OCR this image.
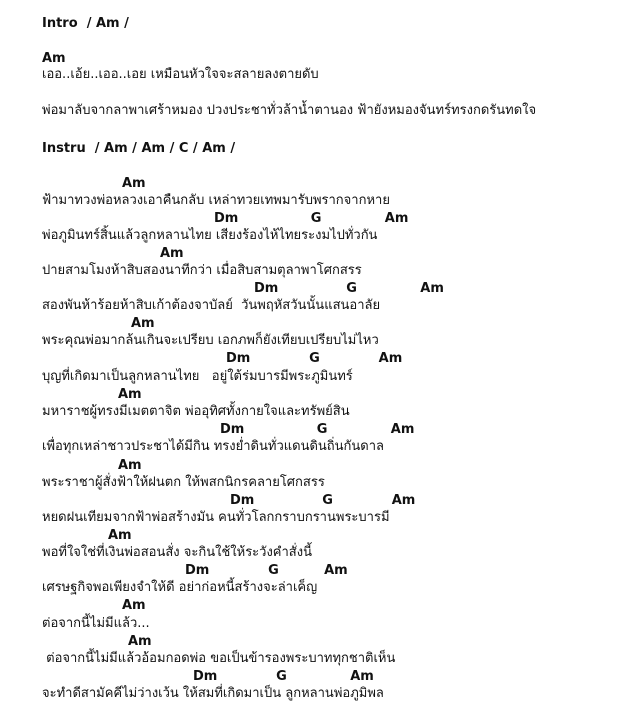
Intro  / Am /
Am
เออ..เอ้ย..เออ..เอย เหมือนหัวใจจะสลายลงตายดับ
พ่อมาลับจากลาพาเศร้าหมอง ปวงประชาทั่วล้าน้ำตานอง ฟ้ายังหมองจันทร์ทรงกดรันทดใจ
Instru  / Am / Am / C / Am /
Am
ฟ้ามาทวงพ่อหลวงเอาคืนกลับ เหล่าทวยเทพมารับพรากจากหาย
Dm                G              Am
พ่อภูมินทร์สิ้นแล้วลูกหลานไทย เสียงร้องไห้ไทยระงมไปทั่วกัน
Am
ปายสามโมงห้าสิบสองนาทีกว่า เมื่อสิบสามตุลาพาโศกสรร
Dm               G              Am
สองพันห้าร้อยห้าสิบเก้าต้องจาบัลย์  วันพฤหัสวันนั้นแสนอาลัย
Am
พระคุณพ่อมากล้นเกินจะเปรียบ เอกภพก็ยังเทียบเปรียบไม่ไหว
Dm             G             Am
บุญที่เกิดมาเป็นลูกหลานไทย   อยู่ใต้ร่มบารมีพระภูมินทร์
Am
มหาราชผู้ทรงมีเมตตาจิต พ่ออุทิศทั้งกายใจและทรัพย์สิน
Dm                G              Am
เพื่อทุกเหล่าชาวประชาได้มีกิน ทรงย่ำดินทั่วแดนดินถิ่นกันดาล
Am
พระราชาผู้สั่งฟ้าให้ฝนตก ให้พสกนิกรคลายโศกสรร
Dm               G             Am
หยดฝนเทียมจากฟ้าพ่อสร้างมัน คนทั่วโลกกราบกรานพระบารมี
Am
พอที่ใจใช่ที่เงินพ่อสอนสั่ง จะกินใช้ให้ระวังคำสั่งนี้
Dm             G          Am
เศรษฐกิจพอเพียงจำให้ดี อย่าก่อหนี้สร้างจะล่าเค็ญ
Am
ต่อจากนี้ไม่มีแล้ว...
Am
ต่อจากนี้ไม่มีแล้วอ้อมกอดพ่อ ขอเป็นข้ารองพระบาททุกชาติเห็น
Dm             G              Am
จะทำดีสามัคคีไม่ว่างเว้น ให้สมที่เกิดมาเป็น ลูกหลานพ่อภูมิพล
